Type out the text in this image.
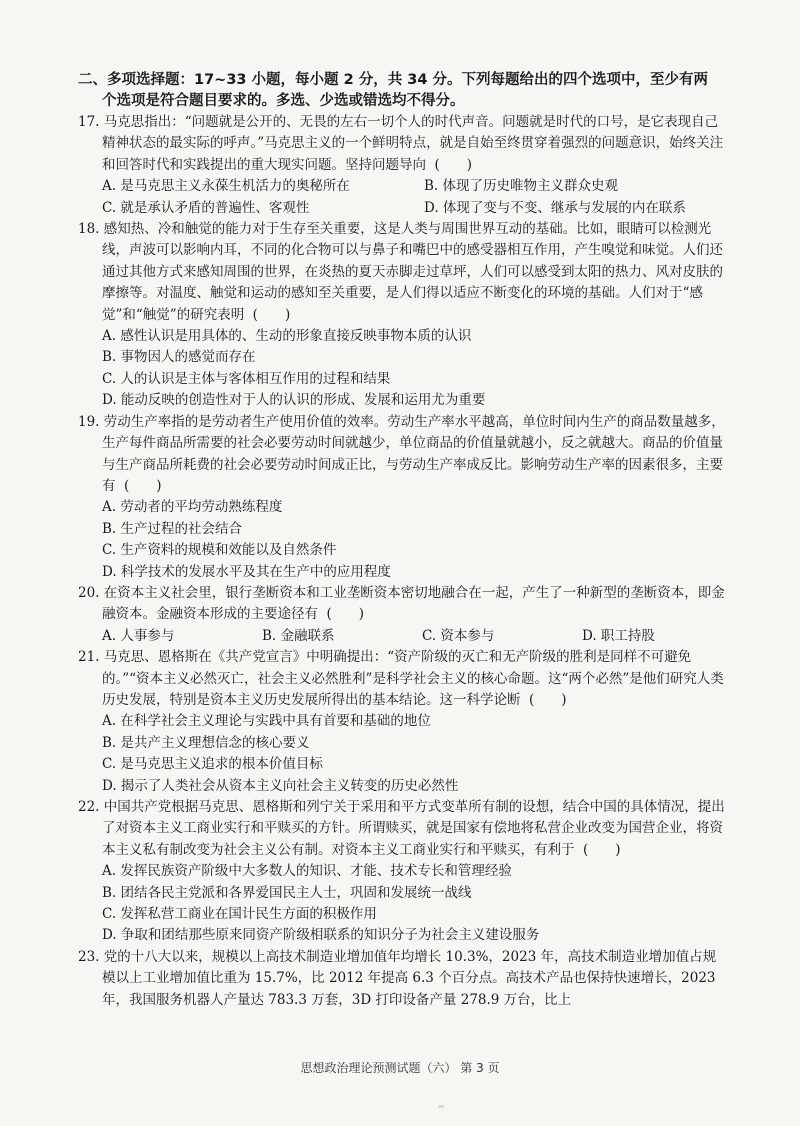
二、多项选择题：17~33 小题，每小题 2 分，共 34 分。下列每题给出的四个选项中，至少有两
个选项是符合题目要求的。多选、少选或错选均不得分。

17. 马克思指出：“问题就是公开的、无畏的左右一切个人的时代声音。问题就是时代的口号，是它表现自己精神状态的最实际的呼声。”马克思主义的一个鲜明特点，就是自始至终贯穿着强烈的问题意识，始终关注和回答时代和实践提出的重大现实问题。坚持问题导向 (　　)

A. 是马克思主义永葆生机活力的奥秘所在	B. 体现了历史唯物主义群众史观
C. 就是承认矛盾的普遍性、客观性	D. 体现了变与不变、继承与发展的内在联系

18. 感知热、冷和触觉的能力对于生存至关重要，这是人类与周围世界互动的基础。比如，眼睛可以检测光线，声波可以影响内耳，不同的化合物可以与鼻子和嘴巴中的感受器相互作用，产生嗅觉和味觉。人们还通过其他方式来感知周围的世界，在炎热的夏天赤脚走过草坪，人们可以感受到太阳的热力、风对皮肤的摩擦等。对温度、触觉和运动的感知至关重要，是人们得以适应不断变化的环境的基础。人们对于“感觉”和“触觉”的研究表明 (　　)

A. 感性认识是用具体的、生动的形象直接反映事物本质的认识

B. 事物因人的感觉而存在

C. 人的认识是主体与客体相互作用的过程和结果

D. 能动反映的创造性对于人的认识的形成、发展和运用尤为重要

19. 劳动生产率指的是劳动者生产使用价值的效率。劳动生产率水平越高，单位时间内生产的商品数量越多，生产每件商品所需要的社会必要劳动时间就越少，单位商品的价值量就越小，反之就越大。商品的价值量与生产商品所耗费的社会必要劳动时间成正比，与劳动生产率成反比。影响劳动生产率的因素很多，主要有 (　　)

A. 劳动者的平均劳动熟练程度

B. 生产过程的社会结合

C. 生产资料的规模和效能以及自然条件

D. 科学技术的发展水平及其在生产中的应用程度

20. 在资本主义社会里，银行垄断资本和工业垄断资本密切地融合在一起，产生了一种新型的垄断资本，即金融资本。金融资本形成的主要途径有 (　　)

A. 人事参与	B. 金融联系	C. 资本参与	D. 职工持股

21. 马克思、恩格斯在《共产党宣言》中明确提出：“资产阶级的灭亡和无产阶级的胜利是同样不可避免的。”“资本主义必然灭亡，社会主义必然胜利”是科学社会主义的核心命题。这“两个必然”是他们研究人类历史发展，特别是资本主义历史发展所得出的基本结论。这一科学论断 (　　)

A. 在科学社会主义理论与实践中具有首要和基础的地位

B. 是共产主义理想信念的核心要义

C. 是马克思主义追求的根本价值目标

D. 揭示了人类社会从资本主义向社会主义转变的历史必然性

22. 中国共产党根据马克思、恩格斯和列宁关于采用和平方式变革所有制的设想，结合中国的具体情况，提出了对资本主义工商业实行和平赎买的方针。所谓赎买，就是国家有偿地将私营企业改变为国营企业，将资本主义私有制改变为社会主义公有制。对资本主义工商业实行和平赎买，有利于 (　　)

A. 发挥民族资产阶级中大多数人的知识、才能、技术专长和管理经验

B. 团结各民主党派和各界爱国民主人士，巩固和发展统一战线

C. 发挥私营工商业在国计民生方面的积极作用

D. 争取和团结那些原来同资产阶级相联系的知识分子为社会主义建设服务

23. 党的十八大以来，规模以上高技术制造业增加值年均增长 10.3%，2023 年，高技术制造业增加值占规模以上工业增加值比重为 15.7%，比 2012 年提高 6.3 个百分点。高技术产品也保持快速增长，2023 年，我国服务机器人产量达 783.3 万套，3D 打印设备产量 278.9 万台，比上

思想政治理论预测试题（六） 第 3 页
